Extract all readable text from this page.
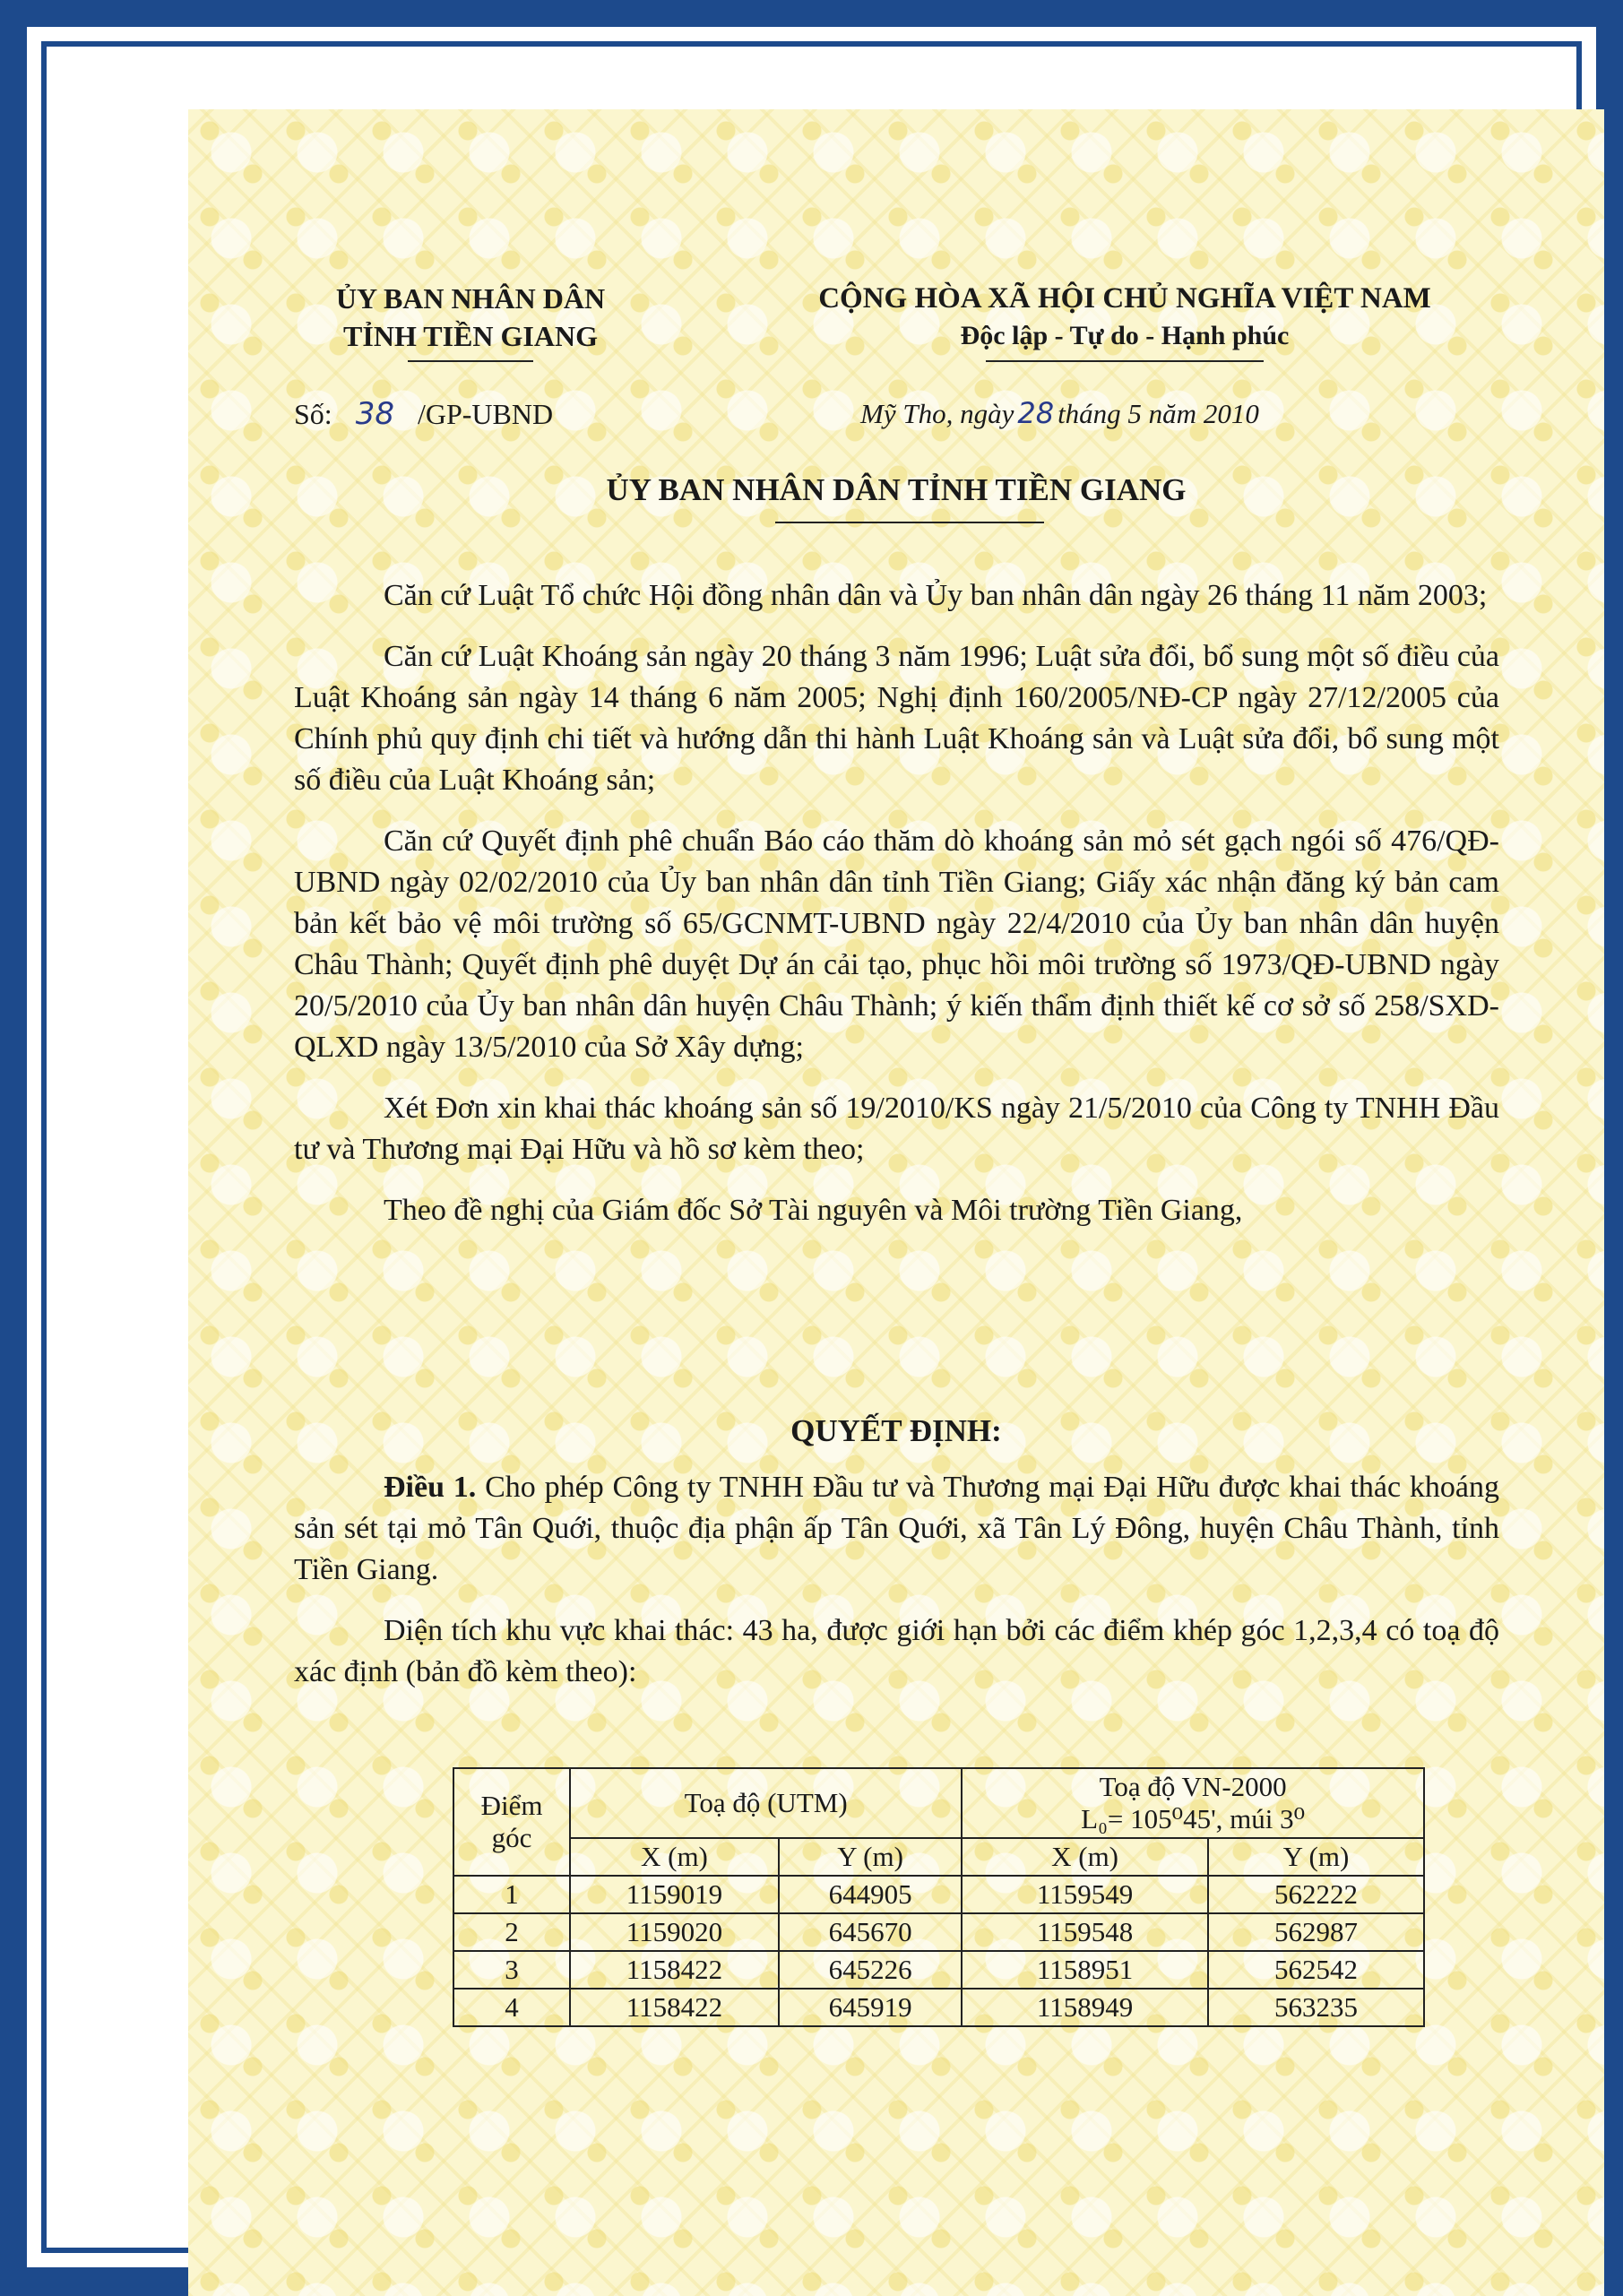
ỦY BAN NHÂN DÂN
TỈNH TIỀN GIANG
CỘNG HÒA XÃ HỘI CHỦ NGHĨA VIỆT NAM
Độc lập - Tự do - Hạnh phúc
Số: 38 /GP-UBND	Mỹ Tho, ngày 28 tháng 5 năm 2010
ỦY BAN NHÂN DÂN TỈNH TIỀN GIANG

Căn cứ Luật Tổ chức Hội đồng nhân dân và Ủy ban nhân dân ngày 26 tháng 11 năm 2003;

Căn cứ Luật Khoáng sản ngày 20 tháng 3 năm 1996; Luật sửa đổi, bổ sung một số điều của Luật Khoáng sản ngày 14 tháng 6 năm 2005; Nghị định 160/2005/NĐ-CP ngày 27/12/2005 của Chính phủ quy định chi tiết và hướng dẫn thi hành Luật Khoáng sản và Luật sửa đổi, bổ sung một số điều của Luật Khoáng sản;

Căn cứ Quyết định phê chuẩn Báo cáo thăm dò khoáng sản mỏ sét gạch ngói số 476/QĐ-UBND ngày 02/02/2010 của Ủy ban nhân dân tỉnh Tiền Giang; Giấy xác nhận đăng ký bản cam bản kết bảo vệ môi trường số 65/GCNMT-UBND ngày 22/4/2010 của Ủy ban nhân dân huyện Châu Thành; Quyết định phê duyệt Dự án cải tạo, phục hồi môi trường số 1973/QĐ-UBND ngày 20/5/2010 của Ủy ban nhân dân huyện Châu Thành; ý kiến thẩm định thiết kế cơ sở số 258/SXD-QLXD ngày 13/5/2010 của Sở Xây dựng;

Xét Đơn xin khai thác khoáng sản số 19/2010/KS ngày 21/5/2010 của Công ty TNHH Đầu tư và Thương mại Đại Hữu và hồ sơ kèm theo;

Theo đề nghị của Giám đốc Sở Tài nguyên và Môi trường Tiền Giang,

QUYẾT ĐỊNH:

Điều 1. Cho phép Công ty TNHH Đầu tư và Thương mại Đại Hữu được khai thác khoáng sản sét tại mỏ Tân Quới, thuộc địa phận ấp Tân Quới, xã Tân Lý Đông, huyện Châu Thành, tỉnh Tiền Giang.

Diện tích khu vực khai thác: 43 ha, được giới hạn bởi các điểm khép góc 1,2,3,4 có toạ độ xác định (bản đồ kèm theo):

Điểm góc	Toạ độ (UTM)		Toạ độ VN-2000
L₀= 105⁰45', múi 3⁰	

	X (m)	Y (m)	X (m)	Y (m)
1	1159019	644905	1159549	562222
2	1159020	645670	1159548	562987
3	1158422	645226	1158951	562542
4	1158422	645919	1158949	563235
